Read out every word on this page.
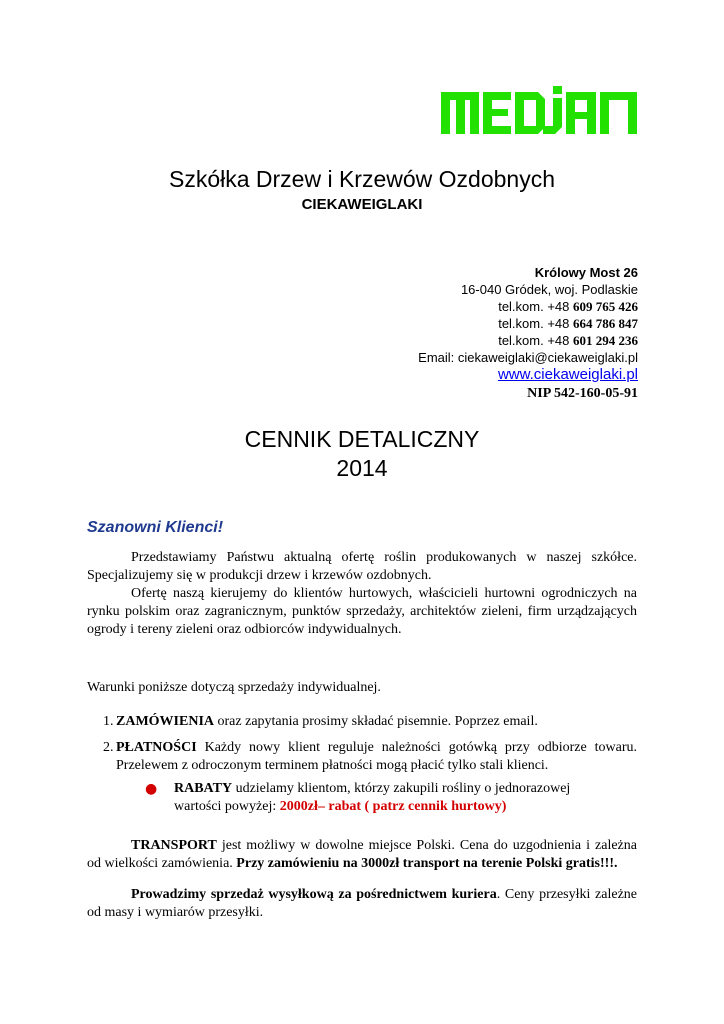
MEDJAN
Szkółka Drzew i Krzewów Ozdobnych
CIEKAWEIGLAKI
Królowy Most 26
16-040 Gródek, woj. Podlaskie
tel.kom. +48 609 765 426
tel.kom. +48 664 786 847
tel.kom. +48 601 294 236
Email: ciekaweiglaki@ciekaweiglaki.pl
www.ciekaweiglaki.pl
NIP 542-160-05-91
CENNIK DETALICZNY
2014
Szanowni Klienci!
Przedstawiamy Państwu aktualną ofertę roślin produkowanych w naszej szkółce. Specjalizujemy się w produkcji drzew i krzewów ozdobnych.
Ofertę naszą kierujemy do klientów hurtowych, właścicieli hurtowni ogrodniczych na rynku polskim oraz zagranicznym, punktów sprzedaży, architektów zieleni, firm urządzających ogrody i tereny zieleni oraz odbiorców indywidualnych.
Warunki poniższe dotyczą sprzedaży indywidualnej.
1. ZAMÓWIENIA oraz zapytania prosimy składać pisemnie. Poprzez email.
2. PŁATNOŚCI Każdy nowy klient reguluje należności gotówką przy odbiorze towaru. Przelewem z odroczonym terminem płatności mogą płacić tylko stali klienci.
● RABATY udzielamy klientom, którzy zakupili rośliny o jednorazowej wartości powyżej: 2000zł– rabat ( patrz cennik hurtowy)
TRANSPORT jest możliwy w dowolne miejsce Polski. Cena do uzgodnienia i zależna od wielkości zamówienia. Przy zamówieniu na 3000zł transport na terenie Polski gratis!!!.
Prowadzimy sprzedaż wysyłkową za pośrednictwem kuriera. Ceny przesyłki zależne od masy i wymiarów przesyłki.
